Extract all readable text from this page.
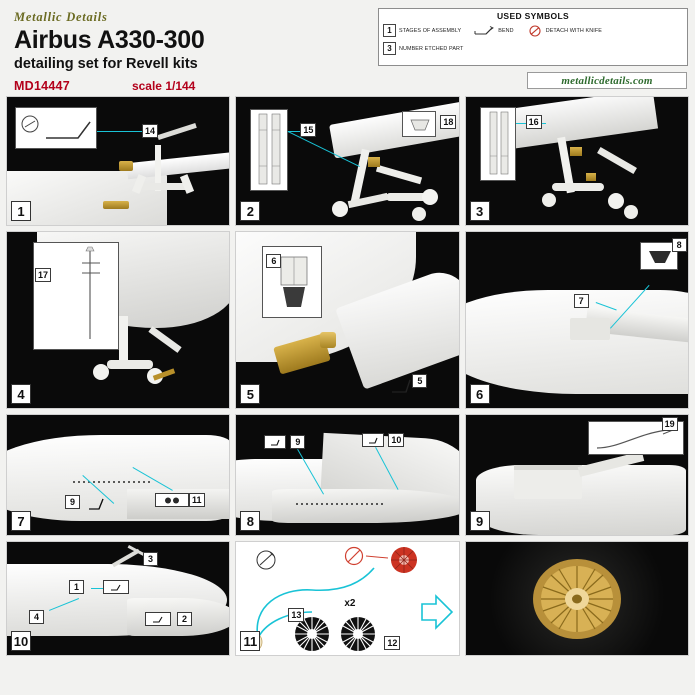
Metallic Details
Airbus A330-300
detailing set for Revell kits
MD14447	scale 1/144
USED SYMBOLS
1	STAGES OF ASSEMBLY	BEND	DETACH WITH KNIFE
3	NUMBER ETCHED PART
metallicdetails.com
14
1
15
18
2
16
3
17
4
6
5
5
8
7
6
9	11
7
9	10
8
19
9
3
1
4	2
10
x2
13
12
11
